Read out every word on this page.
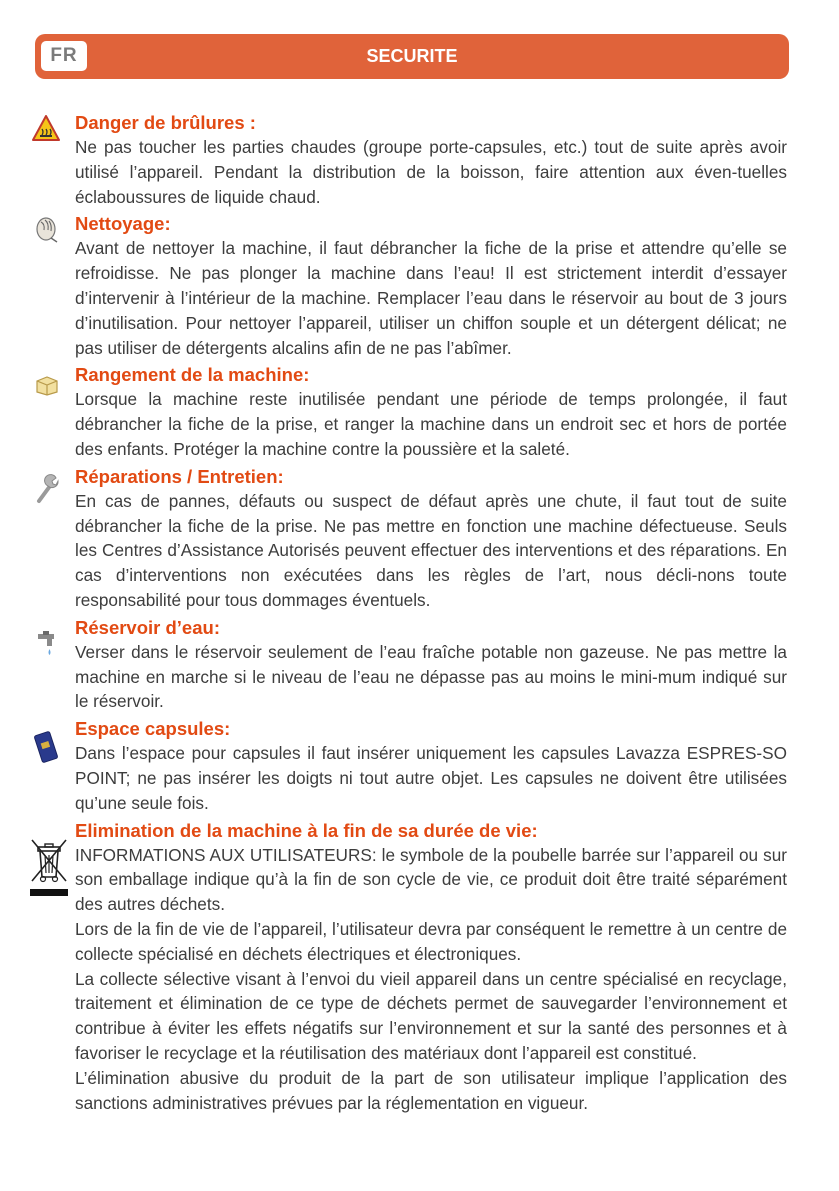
FR	SECURITE

Danger de brûlures :

Ne pas toucher les parties chaudes (groupe porte-capsules, etc.) tout de suite après avoir utilisé l’appareil. Pendant la distribution de la boisson, faire attention aux éven-tuelles éclaboussures de liquide chaud.

Nettoyage:

Avant de nettoyer la machine, il faut débrancher la fiche de la prise et attendre qu’elle se refroidisse. Ne pas plonger la machine dans l’eau! Il est strictement interdit d’essayer d’intervenir à l’intérieur de la machine. Remplacer l’eau dans le réservoir au bout de 3 jours d’inutilisation. Pour nettoyer l’appareil, utiliser un chiffon souple et un détergent délicat; ne pas utiliser de détergents alcalins afin de ne pas l’abîmer.

Rangement de la machine:

Lorsque la machine reste inutilisée pendant une période de temps prolongée, il faut débrancher la fiche de la prise, et ranger la machine dans un endroit sec et hors de portée des enfants. Protéger la machine contre la poussière et la saleté.

Réparations / Entretien:

En cas de pannes, défauts ou suspect de défaut après une chute, il faut tout de suite débrancher la fiche de la prise. Ne pas mettre en fonction une machine défectueuse. Seuls les Centres d’Assistance Autorisés peuvent effectuer des interventions et des réparations. En cas d’interventions non exécutées dans les règles de l’art, nous décli-nons toute responsabilité pour tous dommages éventuels.

Réservoir d’eau:

Verser dans le réservoir seulement de l’eau fraîche potable non gazeuse. Ne pas mettre la machine en marche si le niveau de l’eau ne dépasse pas au moins le mini-mum indiqué sur le réservoir.

Espace capsules:

Dans l’espace pour capsules il faut insérer uniquement les capsules Lavazza ESPRES-SO POINT; ne pas insérer les doigts ni tout autre objet. Les capsules ne doivent être utilisées qu’une seule fois.

Elimination de la machine à la fin de sa durée de vie:

INFORMATIONS AUX UTILISATEURS: le symbole de la poubelle barrée sur l’appareil ou sur son emballage indique qu’à la fin de son cycle de vie, ce produit doit être traité séparément des autres déchets.

Lors de la fin de vie de l’appareil, l’utilisateur devra par conséquent le remettre à un centre de collecte spécialisé en déchets électriques et électroniques.

La collecte sélective visant à l’envoi du vieil appareil dans un centre spécialisé en recyclage, traitement et élimination de ce type de déchets permet de sauvegarder l’environnement et contribue à éviter les effets négatifs sur l’environnement et sur la santé des personnes et à favoriser le recyclage et la réutilisation des matériaux dont l’appareil est constitué.

L’élimination abusive du produit de la part de son utilisateur implique l’application des sanctions administratives prévues par la réglementation en vigueur.
